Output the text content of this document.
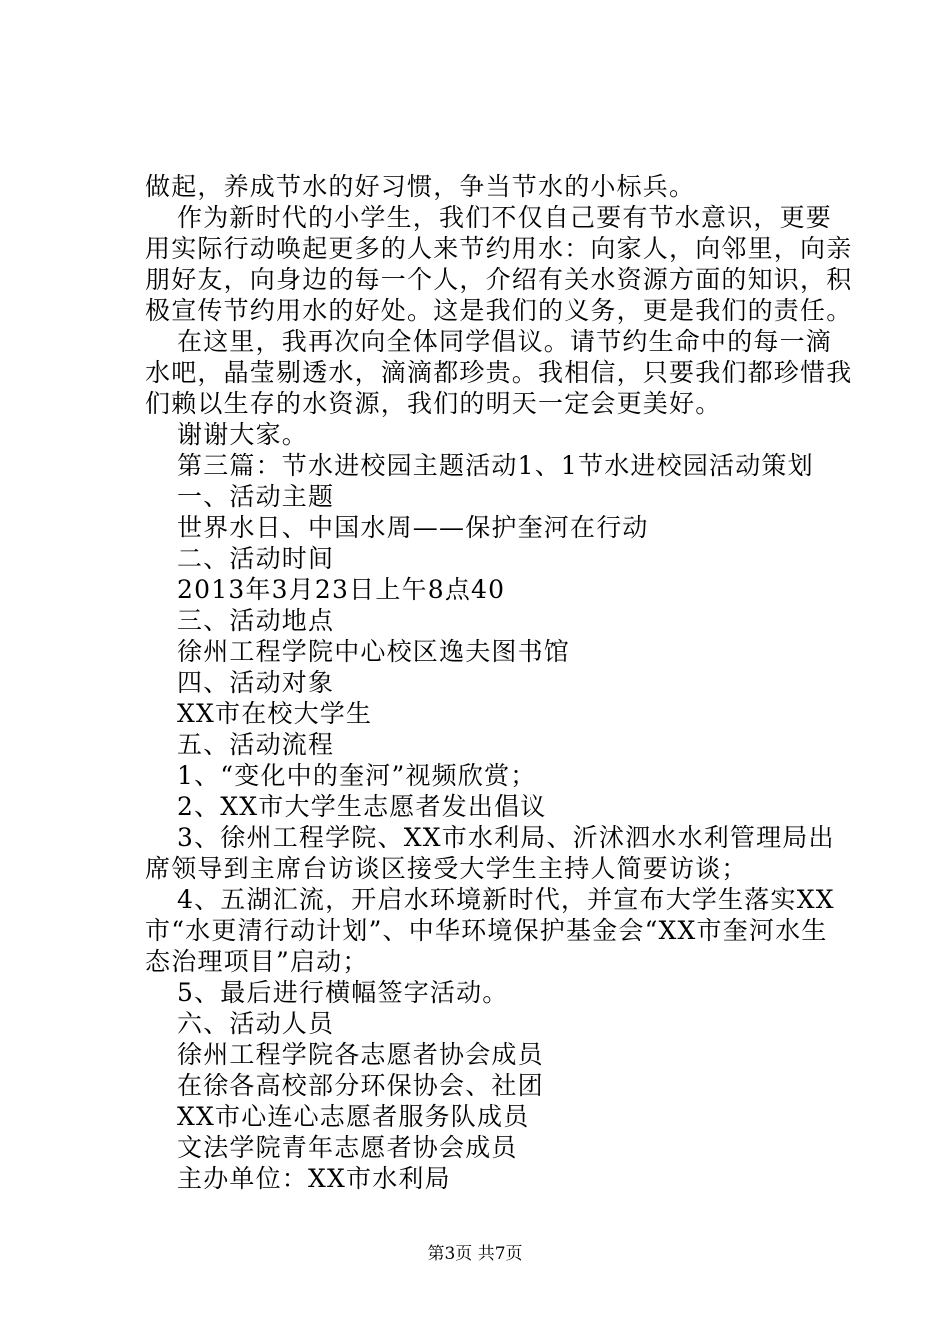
做起，养成节水的好习惯，争当节水的小标兵。
作为新时代的小学生，我们不仅自己要有节水意识，更要
用实际行动唤起更多的人来节约用水：向家人，向邻里，向亲
朋好友，向身边的每一个人，介绍有关水资源方面的知识，积
极宣传节约用水的好处。这是我们的义务，更是我们的责任。
在这里，我再次向全体同学倡议。请节约生命中的每一滴
水吧，晶莹剔透水，滴滴都珍贵。我相信，只要我们都珍惜我
们赖以生存的水资源，我们的明天一定会更美好。
谢谢大家。
第三篇：节水进校园主题活动1、1节水进校园活动策划
一、活动主题
世界水日、中国水周——保护奎河在行动
二、活动时间
2013年3月23日上午8点40
三、活动地点
徐州工程学院中心校区逸夫图书馆
四、活动对象
XX市在校大学生
五、活动流程
1、“变化中的奎河”视频欣赏；
2、XX市大学生志愿者发出倡议
3、徐州工程学院、XX市水利局、沂沭泗水水利管理局出
席领导到主席台访谈区接受大学生主持人简要访谈；
4、五湖汇流，开启水环境新时代，并宣布大学生落实XX
市“水更清行动计划”、中华环境保护基金会“XX市奎河水生
态治理项目”启动；
5、最后进行横幅签字活动。
六、活动人员
徐州工程学院各志愿者协会成员
在徐各高校部分环保协会、社团
XX市心连心志愿者服务队成员
文法学院青年志愿者协会成员
主办单位：XX市水利局
第3页 共7页
